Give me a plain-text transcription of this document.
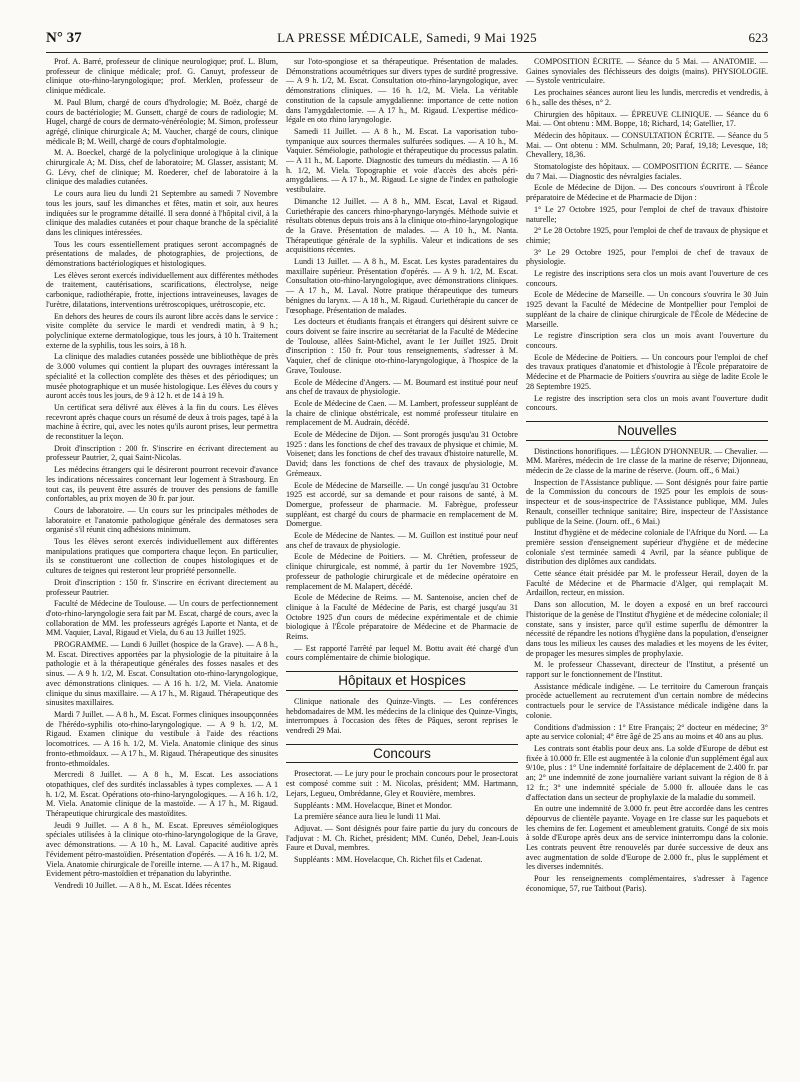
N° 37	LA PRESSE MÉDICALE, Samedi, 9 Mai 1925	623

Prof. A. Barré, professeur de clinique neurologique; prof. L. Blum, professeur de clinique médicale; prof. G. Canuyt, professeur de clinique oto-rhino-laryngologique; prof. Merklen, professeur de clinique médicale.

M. Paul Blum, chargé de cours d'hydrologie; M. Boëz, chargé de cours de bactériologie; M. Gunsett, chargé de cours de radiologie; M. Hugel, chargé de cours de dermato-vénéréologie; M. Simon, professeur agrégé, clinique chirurgicale A; M. Vaucher, chargé de cours, clinique médicale B; M. Weill, chargé de cours d'ophtalmologie.

M. A. Boeckel, chargé de la polyclinique urologique à la clinique chirurgicale A; M. Diss, chef de laboratoire; M. Glasser, assistant; M. G. Lévy, chef de clinique; M. Roederer, chef de laboratoire à la clinique des maladies cutanées.

Le cours aura lieu du lundi 21 Septembre au samedi 7 Novembre tous les jours, sauf les dimanches et fêtes, matin et soir, aux heures indiquées sur le programme détaillé. Il sera donné à l'hôpital civil, à la clinique des maladies cutanées et pour chaque branche de la spécialité dans les cliniques intéressées.

Tous les cours essentiellement pratiques seront accompagnés de présentations de malades, de photographies, de projections, de démonstrations bactériologiques et histologiques.

Les élèves seront exercés individuellement aux différentes méthodes de traitement, cautérisations, scarifications, électrolyse, neige carbonique, radiothérapie, frotte, injections intraveineuses, lavages de l'urètre, dilatations, interventions urétroscopiques, urétroscopie, etc.

En dehors des heures de cours ils auront libre accès dans le service : visite complète du service le mardi et vendredi matin, à 9 h.; polyclinique externe dermatologique, tous les jours, à 10 h. Traitement externe de la syphilis, tous les soirs, à 18 h.

La clinique des maladies cutanées possède une bibliothèque de près de 3.000 volumes qui contient la plupart des ouvrages intéressant la spécialité et la collection complète des thèses et des périodiques; un musée photographique et un musée histologique. Les élèves du cours y auront accès tous les jours, de 9 à 12 h. et de 14 à 19 h.

Un certificat sera délivré aux élèves à la fin du cours. Les élèves recevront après chaque cours un résumé de deux à trois pages, tapé à la machine à écrire, qui, avec les notes qu'ils auront prises, leur permettra de reconstituer la leçon.

Droit d'inscription : 200 fr. S'inscrire en écrivant directement au professeur Pautrier, 2, quai Saint-Nicolas.

Les médecins étrangers qui le désireront pourront recevoir d'avance les indications nécessaires concernant leur logement à Strasbourg. En tout cas, ils peuvent être assurés de trouver des pensions de famille confortables, au prix moyen de 30 fr. par jour.

Cours de laboratoire. — Un cours sur les principales méthodes de laboratoire et l'anatomie pathologique générale des dermatoses sera organisé s'il réunit cinq adhésions minimum.

Tous les élèves seront exercés individuellement aux différentes manipulations pratiques que comportera chaque leçon. En particulier, ils se constitueront une collection de coupes histologiques et de cultures de teignes qui resteront leur propriété personnelle.

Droit d'inscription : 150 fr. S'inscrire en écrivant directement au professeur Pautrier.

Faculté de Médecine de Toulouse. — Un cours de perfectionnement d'oto-rhino-laryngologie sera fait par M. Escat, chargé de cours, avec la collaboration de MM. les professeurs agrégés Laporte et Nanta, et de MM. Vaquier, Laval, Rigaud et Viela, du 6 au 13 Juillet 1925.

PROGRAMME. — Lundi 6 Juillet (hospice de la Grave). — A 8 h., M. Escat. Directives apportées par la physiologie de la pituitaire à la pathologie et à la thérapeutique générales des fosses nasales et des sinus. — A 9 h. 1/2, M. Escat. Consultation oto-rhino-laryngologique, avec démonstrations cliniques. — A 16 h. 1/2, M. Viela. Anatomie clinique du sinus maxillaire. — A 17 h., M. Rigaud. Thérapeutique des sinusites maxillaires.

Mardi 7 Juillet. — A 8 h., M. Escat. Formes cliniques insoupçonnées de l'hérédo-syphilis oto-rhino-laryngologique. — A 9 h. 1/2, M. Rigaud. Examen clinique du vestibule à l'aide des réactions locomotrices. — A 16 h. 1/2, M. Viela. Anatomie clinique des sinus fronto-ethmoïdaux. — A 17 h., M. Rigaud. Thérapeutique des sinusites fronto-ethmoïdales.

Mercredi 8 Juillet. — A 8 h., M. Escat. Les associations otopathiques, clef des surdités inclassables à types complexes. — A 1 h. 1/2, M. Escat. Opérations oto-rhino-laryngologiques. — A 16 h. 1/2, M. Viela. Anatomie clinique de la mastoïde. — A 17 h., M. Rigaud. Thérapeutique chirurgicale des mastoïdites.

Jeudi 9 Juillet. — A 8 h., M. Escat. Epreuves séméiologiques spéciales utilisées à la clinique oto-rhino-laryngologique de la Grave, avec démonstrations. — A 10 h., M. Laval. Capacité auditive après l'évidement pétro-mastoïdien. Présentation d'opérés. — A 16 h. 1/2, M. Viela. Anatomie chirurgicale de l'oreille interne. — A 17 h., M. Rigaud. Evidement pétro-mastoïdien et trépanation du labyrinthe.

Vendredi 10 Juillet. — A 8 h., M. Escat. Idées récentes

sur l'oto-spongiose et sa thérapeutique. Présentation de malades. Démonstrations acoumétriques sur divers types de surdité progressive. — A 9 h. 1/2, M. Escat. Consultation oto-rhino-laryngologique, avec démonstrations cliniques. — 16 h. 1/2, M. Viela. La véritable constitution de la capsule amygdalienne: importance de cette notion dans l'amygdalectomie. — A 17 h., M. Rigaud. L'expertise médico-légale en oto rhino laryngologie.

Samedi 11 Juillet. — A 8 h., M. Escat. La vaporisation tubo-tympanique aux sources thermales sulfurées sodiques. — A 10 h., M. Vaquier. Séméiologie, pathologie et thérapeutique du processus palatin. — A 11 h., M. Laporte. Diagnostic des tumeurs du médiastin. — A 16 h. 1/2, M. Viela. Topographie et voie d'accès des abcès péri-amygdaliens. — A 17 h., M. Rigaud. Le signe de l'index en pathologie vestibulaire.

Dimanche 12 Juillet. — A 8 h., MM. Escat, Laval et Rigaud. Curiethérapie des cancers rhino-pharyngo-laryngés. Méthode suivie et résultats obtenus depuis trois ans à la clinique oto-rhino-laryngologique de la Grave. Présentation de malades. — A 10 h., M. Nanta. Thérapeutique générale de la syphilis. Valeur et indications de ses acquisitions récentes.

Lundi 13 Juillet. — A 8 h., M. Escat. Les kystes paradentaires du maxillaire supérieur. Présentation d'opérés. — A 9 h. 1/2, M. Escat. Consultation oto-rhino-laryngologique, avec démonstrations cliniques. — A 17 h., M. Laval. Notre pratique thérapeutique des tumeurs bénignes du larynx. — A 18 h., M. Rigaud. Curiethérapie du cancer de l'œsophage. Présentation de malades.

Les docteurs et étudiants français et étrangers qui désirent suivre ce cours doivent se faire inscrire au secrétariat de la Faculté de Médecine de Toulouse, allées Saint-Michel, avant le 1er Juillet 1925. Droit d'inscription : 150 fr. Pour tous renseignements, s'adresser à M. Vaquier, chef de clinique oto-rhino-laryngologique, à l'hospice de la Grave, Toulouse.

Ecole de Médecine d'Angers. — M. Boumard est institué pour neuf ans chef de travaux de physiologie.

Ecole de Médecine de Caen. — M. Lambert, professeur suppléant de la chaire de clinique obstétricale, est nommé professeur titulaire en remplacement de M. Audrain, décédé.

Ecole de Médecine de Dijon. — Sont prorogés jusqu'au 31 Octobre 1925 : dans les fonctions de chef des travaux de physique et chimie, M. Voisenet; dans les fonctions de chef des travaux d'histoire naturelle, M. David; dans les fonctions de chef des travaux de physiologie, M. Grémeaux.

Ecole de Médecine de Marseille. — Un congé jusqu'au 31 Octobre 1925 est accordé, sur sa demande et pour raisons de santé, à M. Domergue, professeur de pharmacie. M. Fabrègue, professeur suppléant, est chargé du cours de pharmacie en remplacement de M. Domergue.

Ecole de Médecine de Nantes. — M. Guillon est institué pour neuf ans chef de travaux de physiologie.

Ecole de Médecine de Poitiers. — M. Chrétien, professeur de clinique chirurgicale, est nommé, à partir du 1er Novembre 1925, professeur de pathologie chirurgicale et de médecine opératoire en remplacement de M. Malapert, décédé.

Ecole de Médecine de Reims. — M. Santenoise, ancien chef de clinique à la Faculté de Médecine de Paris, est chargé jusqu'au 31 Octobre 1925 d'un cours de médecine expérimentale et de chimie biologique à l'École préparatoire de Médecine et de Pharmacie de Reims.

— Est rapporté l'arrêté par lequel M. Bottu avait été chargé d'un cours complémentaire de chimie biologique.

Hôpitaux et Hospices

Clinique nationale des Quinze-Vingts. — Les conférences hebdomadaires de MM. les médecins de la clinique des Quinze-Vingts, interrompues à l'occasion des fêtes de Pâques, seront reprises le vendredi 29 Mai.

Concours

Prosectorat. — Le jury pour le prochain concours pour le prosectorat est composé comme suit : M. Nicolas, président; MM. Hartmann, Lejars, Legueu, Ombrédanne, Gley et Rouvière, membres.

Suppléants : MM. Hovelacque, Binet et Mondor.

La première séance aura lieu le lundi 11 Mai.

Adjuvat. — Sont désignés pour faire partie du jury du concours de l'adjuvat : M. Ch. Richet, président; MM. Cunéo, Debel, Jean-Louis Faure et Duval, membres.

Suppléants : MM. Hovelacque, Ch. Richet fils et Cadenat.

COMPOSITION ÉCRITE. — Séance du 5 Mai. — ANATOMIE. — Gaines synoviales des fléchisseurs des doigts (mains). PHYSIOLOGIE. — Systole ventriculaire.

Les prochaines séances auront lieu les lundis, mercredis et vendredis, à 6 h., salle des thèses, n° 2.

Chirurgien des hôpitaux. — ÉPREUVE CLINIQUE. — Séance du 6 Mai. — Ont obtenu : MM. Boppe, 18; Richard, 14; Gatellier, 17.

Médecin des hôpitaux. — CONSULTATION ÉCRITE. — Séance du 5 Mai. — Ont obtenu : MM. Schulmann, 20; Paraf, 19,18; Levesque, 18; Chevallery, 18,36.

Stomatologiste des hôpitaux. — COMPOSITION ÉCRITE. — Séance du 7 Mai. — Diagnostic des névralgies faciales.

Ecole de Médecine de Dijon. — Des concours s'ouvriront à l'École préparatoire de Médecine et de Pharmacie de Dijon :

1° Le 27 Octobre 1925, pour l'emploi de chef de travaux d'histoire naturelle;

2° Le 28 Octobre 1925, pour l'emploi de chef de travaux de physique et chimie;

3° Le 29 Octobre 1925, pour l'emploi de chef de travaux de physiologie.

Le registre des inscriptions sera clos un mois avant l'ouverture de ces concours.

Ecole de Médecine de Marseille. — Un concours s'ouvrira le 30 Juin 1925 devant la Faculté de Médecine de Montpellier pour l'emploi de suppléant de la chaire de clinique chirurgicale de l'École de Médecine de Marseille.

Le registre d'inscription sera clos un mois avant l'ouverture du concours.

Ecole de Médecine de Poitiers. — Un concours pour l'emploi de chef des travaux pratiques d'anatomie et d'histologie à l'École préparatoire de Médecine et de Pharmacie de Poitiers s'ouvrira au siège de ladite Ecole le 28 Septembre 1925.

Le registre des inscription sera clos un mois avant l'ouverture dudit concours.

Nouvelles

Distinctions honorifiques. — LÉGION D'HONNEUR. — Chevalier. — MM. Marères, médecin de 1re classe de la marine de réserve; Dijonneau, médecin de 2e classe de la marine de réserve. (Journ. off., 6 Mai.)

Inspection de l'Assistance publique. — Sont désignés pour faire partie de la Commission du concours de 1925 pour les emplois de sous-inspecteur et de sous-inspectrice de l'Assistance publique, MM. Jules Renault, conseiller technique sanitaire; Bire, inspecteur de l'Assistance publique de la Seine. (Journ. off., 6 Mai.)

Institut d'hygiène et de médecine coloniale de l'Afrique du Nord. — La première session d'enseignement supérieur d'hygiène et de médecine coloniale s'est terminée samedi 4 Avril, par la séance publique de distribution des diplômes aux candidats.

Cette séance était présidée par M. le professeur Herail, doyen de la Faculté de Médecine et de Pharmacie d'Alger, qui remplaçait M. Ardaillon, recteur, en mission.

Dans son allocution, M. le doyen a exposé en un bref raccourci l'historique de la genèse de l'Institut d'hygiène et de médecine coloniale; il constate, sans y insister, parce qu'il estime superflu de démontrer la nécessité de répandre les notions d'hygiène dans la population, d'enseigner dans tous les milieux les causes des maladies et les moyens de les éviter, de propager les mesures simples de prophylaxie.

M. le professeur Chassevant, directeur de l'Institut, a présenté un rapport sur le fonctionnement de l'Institut.

Assistance médicale indigène. — Le territoire du Cameroun français procède actuellement au recrutement d'un certain nombre de médecins contractuels pour le service de l'Assistance médicale indigène dans la colonie.

Conditions d'admission : 1° Etre Français; 2° docteur en médecine; 3° apte au service colonial; 4° être âgé de 25 ans au moins et 40 ans au plus.

Les contrats sont établis pour deux ans. La solde d'Europe de début est fixée à 10.000 fr. Elle est augmentée à la colonie d'un supplément égal aux 9/10e, plus : 1° Une indemnité forfaitaire de déplacement de 2.400 fr. par an; 2° une indemnité de zone journalière variant suivant la région de 8 à 12 fr.; 3° une indemnité spéciale de 5.000 fr. allouée dans le cas d'affectation dans un secteur de prophylaxie de la maladie du sommeil.

En outre une indemnité de 3.000 fr. peut être accordée dans les centres dépourvus de clientèle payante. Voyage en 1re classe sur les paquebots et les chemins de fer. Logement et ameublement gratuits. Congé de six mois à solde d'Europe après deux ans de service ininterrompu dans la colonie. Les contrats peuvent être renouvelés par durée successive de deux ans avec augmentation de solde d'Europe de 2.000 fr., plus le supplément et les diverses indemnités.

Pour les renseignements complémentaires, s'adresser à l'agence économique, 57, rue Taitbout (Paris).
